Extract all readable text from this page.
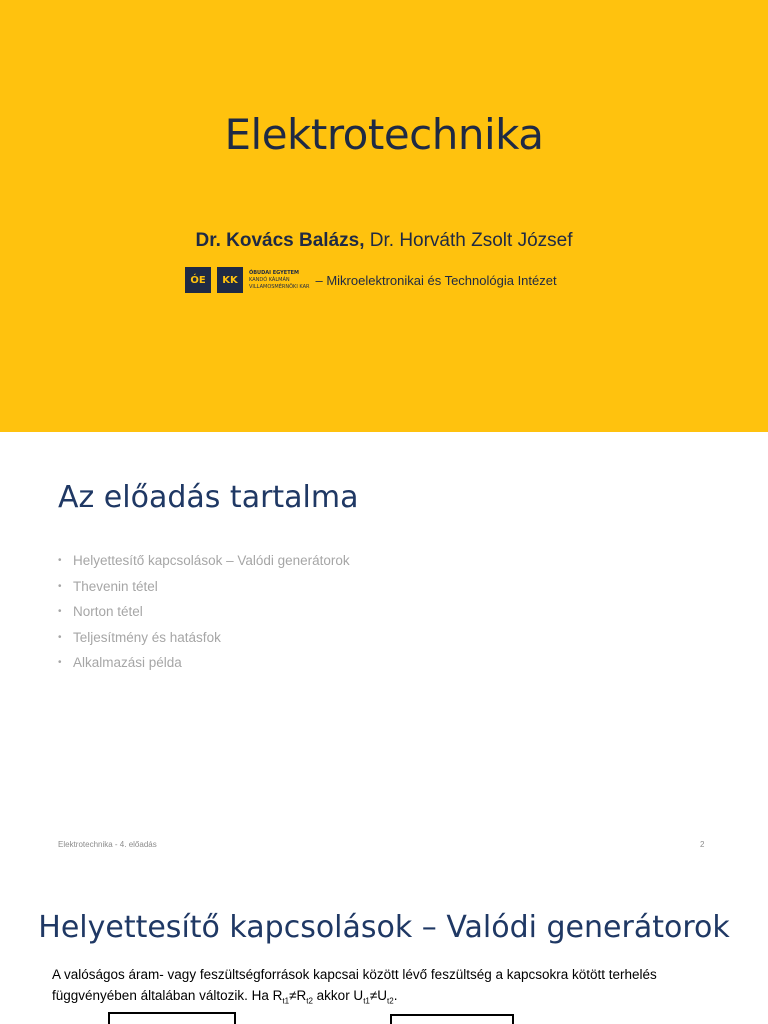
Elektrotechnika
Dr. Kovács Balázs, Dr. Horváth Zsolt József
ÓE	KK
ÓBUDAI EGYETEM
KANDÓ KÁLMÁN
VILLAMOSMÉRNÖKI KAR – Mikroelektronikai és Technológia Intézet
Az előadás tartalma
• Helyettesítő kapcsolások – Valódi generátorok
• Thevenin tétel
• Norton tétel
• Teljesítmény és hatásfok
• Alkalmazási példa
Elektrotechnika - 4. előadás	2
Helyettesítő kapcsolások – Valódi generátorok
A valóságos áram- vagy feszültségforrások kapcsai között lévő feszültség a kapcsokra kötött terhelés
függvényében általában változik. Ha $R_{t1}\ne R_{t2}$ akkor $U_{t1}\ne U_{t2}$.
